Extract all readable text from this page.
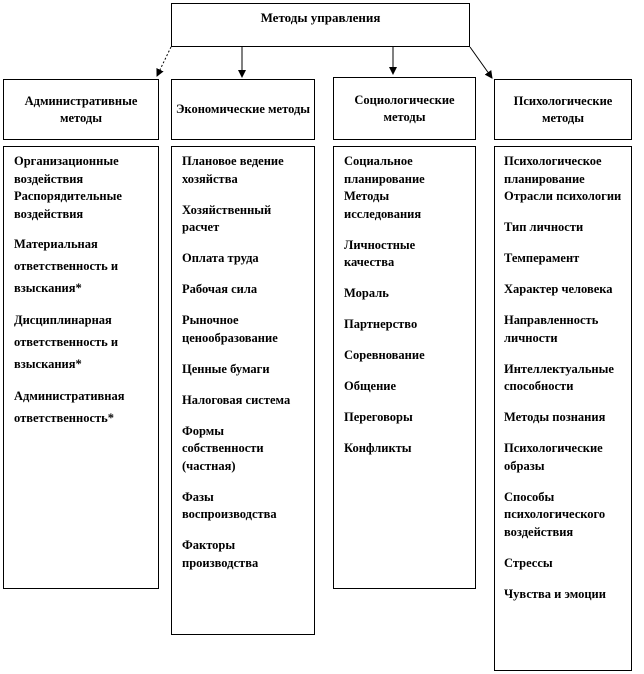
Методы управления
Административные методы
Экономические методы
Социологические методы
Психологические методы
Организационные воздействия
Распорядительные воздействия
Материальная ответственность и взыскания*
Дисциплинарная ответственность и взыскания*
Административная ответственность*
Плановое ведение хозяйства
Хозяйственный расчет
Оплата труда
Рабочая сила
Рыночное ценообразование
Ценные бумаги
Налоговая система
Формы собственности (частная)
Фазы воспроизводства
Факторы производства
Социальное планирование
Методы исследования
Личностные качества
Мораль
Партнерство
Соревнование
Общение
Переговоры
Конфликты
Психологическое планирование
Отрасли психологии
Тип личности
Темперамент
Характер человека
Направленность личности
Интеллектуальные способности
Методы познания
Психологические образы
Способы психологического воздействия
Стрессы
Чувства и эмоции
